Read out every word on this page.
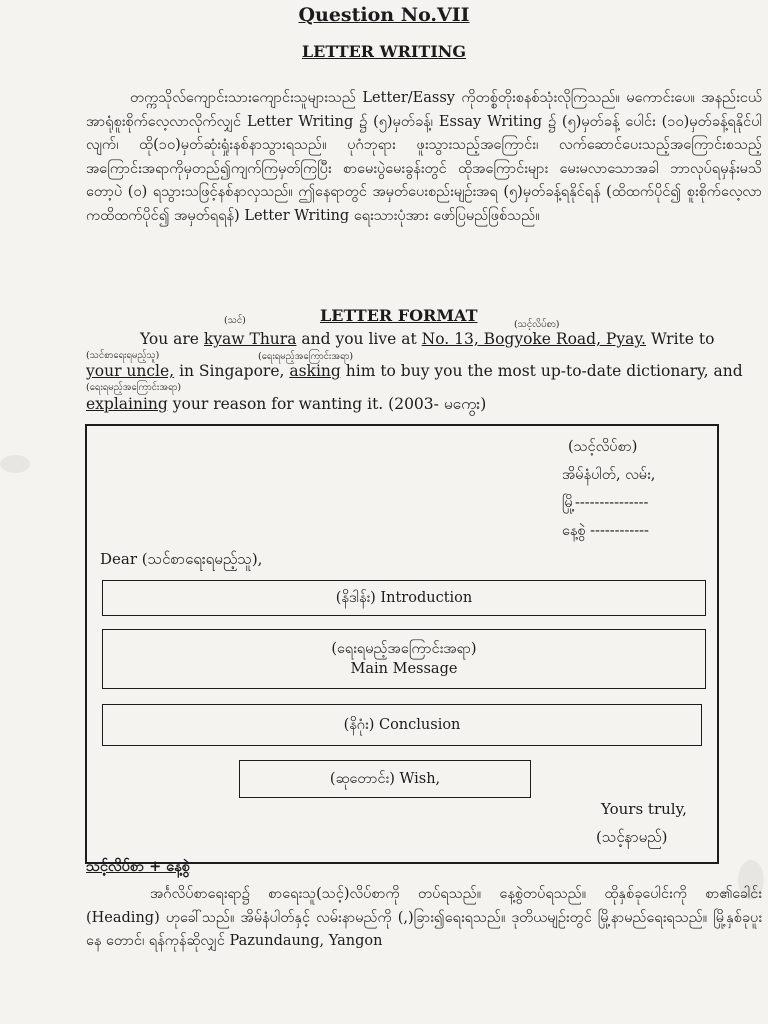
Question No.VII
LETTER WRITING
တက္ကသိုလ်ကျောင်းသားကျောင်းသူများသည် Letter/Eassy ကိုတစ္စ်တိုးစနစ်သုံးလိုကြသည်။ မကောင်းပေ။ အနည်းငယ်အာရုံစူးစိုက်လေ့လာလိုက်လျှင် Letter Writing ၌ (၅)မှတ်ခန့်၊ Essay Writing ၌ (၅)မှတ်ခန့် ပေါင်း (၁၀)မှတ်ခန့်ရနိုင်ပါလျက်၊ ထို(၁၀)မှတ်ဆုံးရှုံးနစ်နာသွားရသည်။ ပုဂံဘုရား ဖူးသွားသည့်အကြောင်း၊ လက်ဆောင်ပေးသည့်အကြောင်းစသည့် အကြောင်းအရာကိုမှတည်၍ကျက်ကြမှတ်ကြပြီး စာမေးပွဲမေးခွန်းတွင် ထိုအကြောင်းများ မေးမလာသောအခါ ဘာလုပ်ရမှန်းမသိတော့ပဲ (၀) ရသွားသဖြင့်နစ်နာလှသည်။ ဤနေရာတွင် အမှတ်ပေးစည်းမျဉ်းအရ (၅)မှတ်ခန့်ရနိုင်ရန် (ထိထက်ပိုင်၍ စူးစိုက်လေ့လာကထိထက်ပိုင်၍ အမှတ်ရရန်) Letter Writing ရေးသားပုံအား ဖော်ပြမည်ဖြစ်သည်။
(သင်)	LETTER FORMAT	(သင့်လိပ်စာ)
You are kyaw Thura and you live at No. 13, Bogyoke Road, Pyay. Write to
(သင်စာရေးရမည့်သူ)	(ရေးရမည့်အကြောင်းအရာ)
your uncle, in Singapore, asking him to buy you the most up-to-date dictionary, and
(ရေးရမည့်အကြောင်းအရာ)
explaining your reason for wanting it. (2003- မကွေး)
(သင့်လိပ်စာ)
အိမ်နံပါတ်, လမ်း,
မြို့---------------
နေ့စွဲ ------------
Dear (သင်စာရေးရမည့်သူ),
(နိဒါန်း) Introduction
(ရေးရမည့်အကြောင်းအရာ)
Main Message
(နိဂုံး) Conclusion
(ဆုတောင်း) Wish,
Yours truly,
(သင့်နာမည်)
သင့်လိပ်စာ + နေ့စွဲ
အင်္ဂလိပ်စာရေးရာ၌ စာရေးသူ(သင့်)လိပ်စာကို တပ်ရသည်။ နေ့စွဲတပ်ရသည်။ ထိုနှစ်ခုပေါင်းကို စာ၏ခေါင်း (Heading) ဟုခေါ်သည်။ အိမ်နံပါတ်နှင့် လမ်းနာမည်ကို (,)ခြား၍ရေးရသည်။ ဒုတိယမျဉ်းတွင် မြို့နာမည်ရေးရသည်။ မြို့နှစ်ခုပူးနေ တောင်၊ ရန်ကုန်ဆိုလျှင် Pazundaung, Yangon
